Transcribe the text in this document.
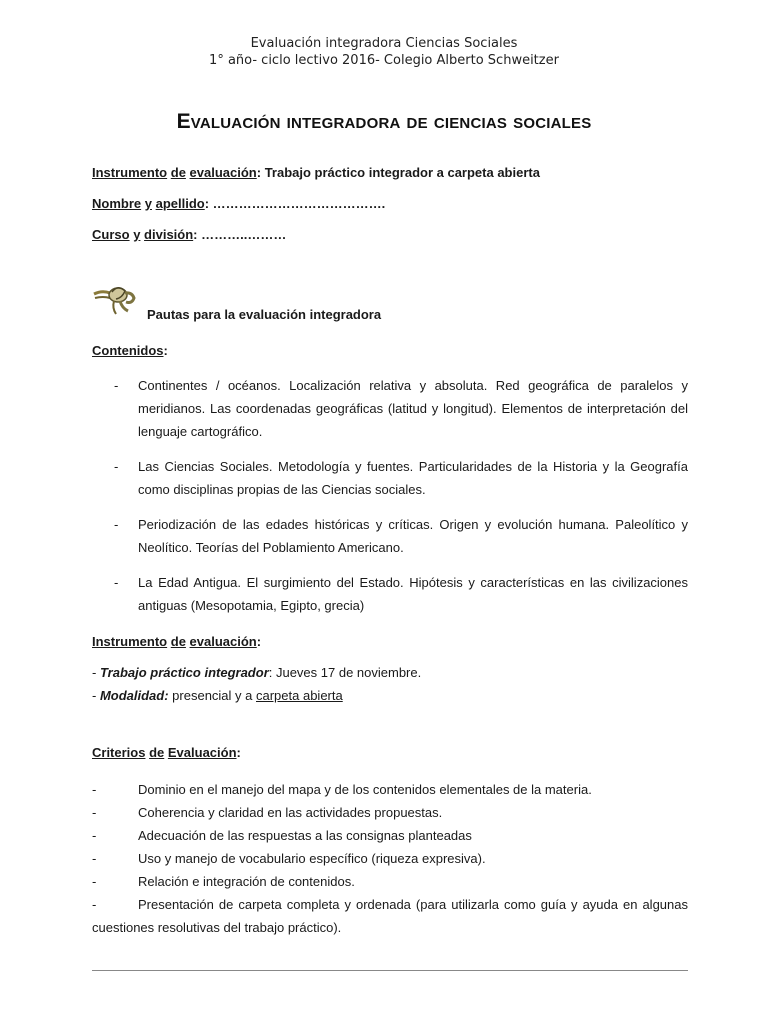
Evaluación integradora Ciencias Sociales
1° año- ciclo lectivo 2016- Colegio Alberto Schweitzer
Evaluación integradora de ciencias sociales
Instrumento de evaluación: Trabajo práctico integrador a carpeta abierta
Nombre y apellido: ………………………………….
Curso y división: ………..………
Pautas para la evaluación integradora
Contenidos:
-	Continentes / océanos. Localización relativa y absoluta. Red geográfica de paralelos y meridianos. Las coordenadas geográficas (latitud y longitud). Elementos de interpretación del lenguaje cartográfico.
-	Las Ciencias Sociales. Metodología y fuentes. Particularidades de la Historia y la Geografía como disciplinas propias de las Ciencias sociales.
-	Periodización de las edades históricas y críticas. Origen y evolución humana. Paleolítico y Neolítico. Teorías del Poblamiento Americano.
-	La Edad Antigua. El surgimiento del Estado. Hipótesis y características en las civilizaciones antiguas (Mesopotamia, Egipto, grecia)
Instrumento de evaluación:
- Trabajo práctico integrador: Jueves 17 de noviembre.
- Modalidad: presencial y a carpeta abierta
Criterios de Evaluación:
-	Dominio en el manejo del mapa y de los contenidos elementales de la materia.
-	Coherencia y claridad en las actividades propuestas.
-	Adecuación de las respuestas a las consignas planteadas
-	Uso y manejo de vocabulario específico (riqueza expresiva).
-	Relación e integración de contenidos.
-	Presentación de carpeta completa y ordenada (para utilizarla como guía y ayuda en algunas cuestiones resolutivas del trabajo práctico).
